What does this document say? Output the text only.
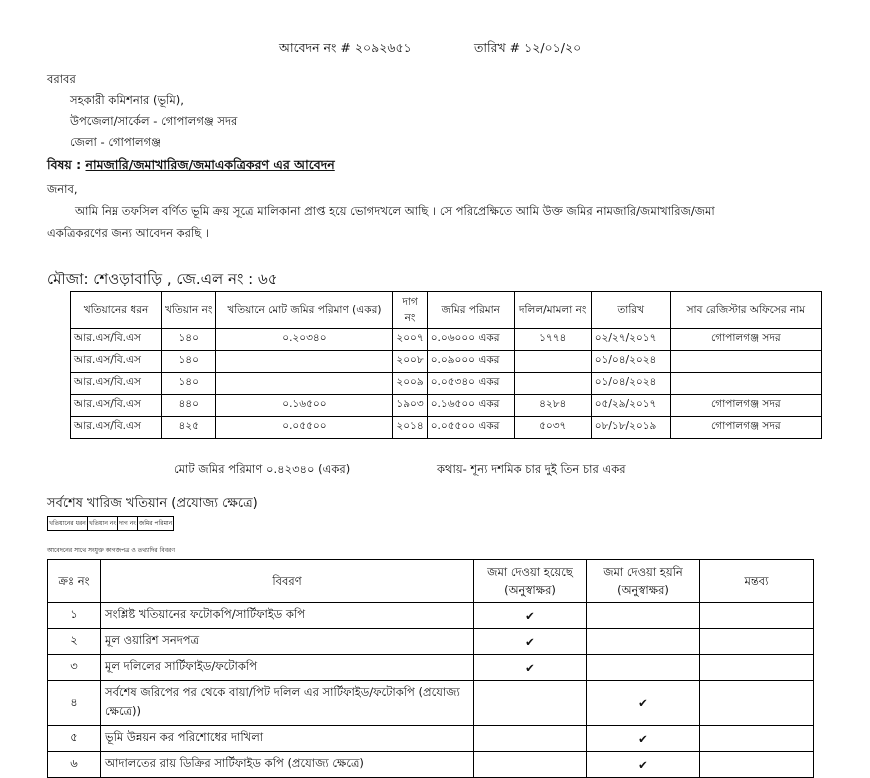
আবেদন নং # ২০৯২৬৫১	তারিখ # ১২/০১/২০
বরাবর
সহকারী কমিশনার (ভূমি),
উপজেলা/সার্কেল - গোপালগঞ্জ সদর
জেলা - গোপালগঞ্জ
বিষয় : নামজারি/জমাখারিজ/জমাএকত্রিকরণ এর আবেদন
জনাব,
আমি নিম্ন তফসিল বর্ণিত ভূমি ক্রয় সূত্রে মালিকানা প্রাপ্ত হয়ে ভোগদখলে আছি । সে পরিপ্রেক্ষিতে আমি উক্ত জমির নামজারি/জমাখারিজ/জমা
একত্রিকরণের জন্য আবেদন করছি ।
মৌজা: শেওড়াবাড়ি , জে.এল নং : ৬৫
খতিয়ানের ধরন	খতিয়ান নং	খতিয়ানে মোট জমির পরিমাণ (একর)	দাগ নং	জমির পরিমান	দলিল/মামলা নং	তারিখ	সাব রেজিস্টার অফিসের নাম
আর.এস/বি.এস	১৪০	০.২০৩৪০	২০০৭	০.০৬০০০ একর	১৭৭৪	০২/২৭/২০১৭	গোপালগঞ্জ সদর
আর.এস/বি.এস	১৪০		২০০৮	০.০৯০০০ একর		০১/০৪/২০২৪	
আর.এস/বি.এস	১৪০		২০০৯	০.০৫৩৪০ একর		০১/০৪/২০২৪	
আর.এস/বি.এস	৪৪০	০.১৬৫০০	১৯০৩	০.১৬৫০০ একর	৪২৮৪	০৫/২৯/২০১৭	গোপালগঞ্জ সদর
আর.এস/বি.এস	৪২৫	০.০৫৫০০	২০১৪	০.০৫৫০০ একর	৫০৩৭	০৮/১৮/২০১৯	গোপালগঞ্জ সদর
মোট জমির পরিমাণ ০.৪২৩৪০ (একর)	কথায়- শূন্য দশমিক চার দুই তিন চার একর
সর্বশেষ খারিজ খতিয়ান (প্রযোজ্য ক্ষেত্রে)
খতিয়ানের ধরন	খতিয়ান নং	দাগ নং	জমির পরিমান
আবেদনের সাথে সংযুক্ত কাগজপত্র ও তথ্যাদির বিবরণ
ক্রঃ নং	বিবরণ	জমা দেওয়া হয়েছে (অনুস্বাক্ষর)	জমা দেওয়া হয়নি (অনুস্বাক্ষর)	মন্তব্য
১	সংশ্লিষ্ট খতিয়ানের ফটোকপি/সার্টিফাইড কপি	✔		
২	মূল ওয়ারিশ সনদপত্র	✔		
৩	মূল দলিলের সার্টিফাইড/ফটোকপি	✔		
৪	সর্বশেষ জরিপের পর থেকে বায়া/পিট দলিল এর সার্টিফাইড/ফটোকপি (প্রযোজ্য ক্ষেত্রে))		✔	
৫	ভূমি উন্নয়ন কর পরিশোধের দাখিলা		✔	
৬	আদালতের রায় ডিক্রির সার্টিফাইড কপি (প্রযোজ্য ক্ষেত্রে)		✔	
